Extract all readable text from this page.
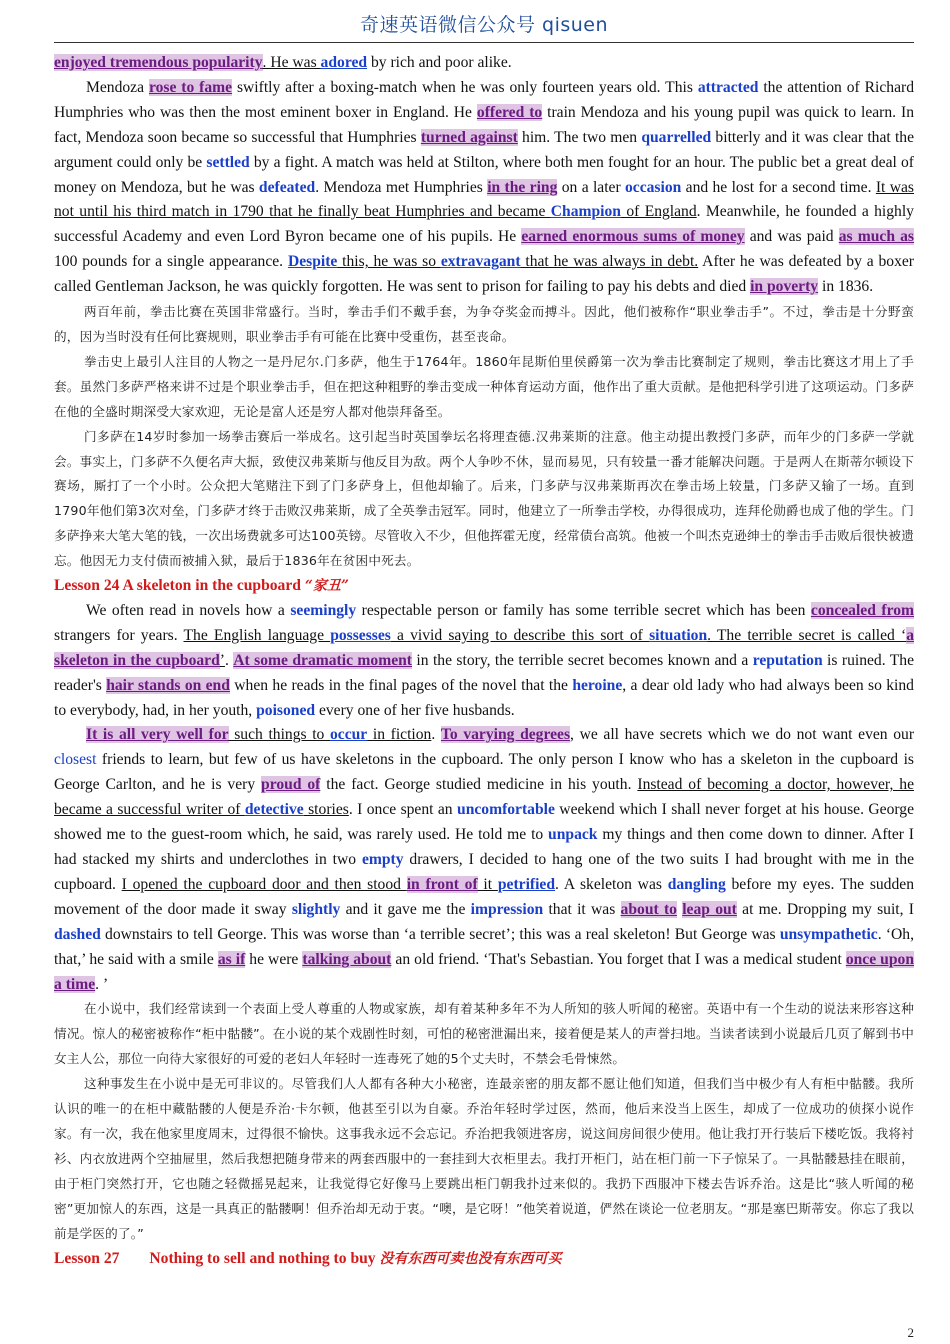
奇速英语微信公众号 qisuen

enjoyed tremendous popularity. He was adored by rich and poor alike.

Mendoza rose to fame swiftly after a boxing-match when he was only fourteen years old. This attracted the attention of Richard Humphries who was then the most eminent boxer in England. He offered to train Mendoza and his young pupil was quick to learn. In fact, Mendoza soon became so successful that Humphries turned against him. The two men quarrelled bitterly and it was clear that the argument could only be settled by a fight. A match was held at Stilton, where both men fought for an hour. The public bet a great deal of money on Mendoza, but he was defeated. Mendoza met Humphries in the ring on a later occasion and he lost for a second time. It was not until his third match in 1790 that he finally beat Humphries and became Champion of England. Meanwhile, he founded a highly successful Academy and even Lord Byron became one of his pupils. He earned enormous sums of money and was paid as much as 100 pounds for a single appearance. Despite this, he was so extravagant that he was always in debt. After he was defeated by a boxer called Gentleman Jackson, he was quickly forgotten. He was sent to prison for failing to pay his debts and died in poverty in 1836.

两百年前，拳击比赛在英国非常盛行。当时，拳击手们不戴手套，为争夺奖金而搏斗。因此，他们被称作“职业拳击手”。不过，拳击是十分野蛮的，因为当时没有任何比赛规则，职业拳击手有可能在比赛中受重伤，甚至丧命。

拳击史上最引人注目的人物之一是丹尼尔.门多萨，他生于1764年。1860年昆斯伯里侯爵第一次为拳击比赛制定了规则，拳击比赛这才用上了手套。虽然门多萨严格来讲不过是个职业拳击手，但在把这种粗野的拳击变成一种体育运动方面，他作出了重大贡献。是他把科学引进了这项运动。门多萨在他的全盛时期深受大家欢迎，无论是富人还是穷人都对他崇拜备至。

门多萨在14岁时参加一场拳击赛后一举成名。这引起当时英国拳坛名将理查德.汉弗莱斯的注意。他主动提出教授门多萨，而年少的门多萨一学就会。事实上，门多萨不久便名声大振，致使汉弗莱斯与他反目为敌。两个人争吵不休，显而易见，只有较量一番才能解决问题。于是两人在斯蒂尔顿设下赛场，厮打了一个小时。公众把大笔赌注下到了门多萨身上，但他却输了。后来，门多萨与汉弗莱斯再次在拳击场上较量，门多萨又输了一场。直到1790年他们第3次对垒，门多萨才终于击败汉弗莱斯，成了全英拳击冠军。同时，他建立了一所拳击学校，办得很成功，连拜伦勋爵也成了他的学生。门多萨挣来大笔大笔的钱，一次出场费就多可达100英镑。尽管收入不少，但他挥霍无度，经常债台高筑。他被一个叫杰克逊绅士的拳击手击败后很快被遗忘。他因无力支付债而被捕入狱，最后于1836年在贫困中死去。

Lesson 24 A skeleton in the cupboard “家丑”

We often read in novels how a seemingly respectable person or family has some terrible secret which has been concealed from strangers for years. The English language possesses a vivid saying to describe this sort of situation. The terrible secret is called ‘a skeleton in the cupboard’. At some dramatic moment in the story, the terrible secret becomes known and a reputation is ruined. The reader's hair stands on end when he reads in the final pages of the novel that the heroine, a dear old lady who had always been so kind to everybody, had, in her youth, poisoned every one of her five husbands.

It is all very well for such things to occur in fiction. To varying degrees, we all have secrets which we do not want even our closest friends to learn, but few of us have skeletons in the cupboard. The only person I know who has a skeleton in the cupboard is George Carlton, and he is very proud of the fact. George studied medicine in his youth. Instead of becoming a doctor, however, he became a successful writer of detective stories. I once spent an uncomfortable weekend which I shall never forget at his house. George showed me to the guest-room which, he said, was rarely used. He told me to unpack my things and then come down to dinner. After I had stacked my shirts and underclothes in two empty drawers, I decided to hang one of the two suits I had brought with me in the cupboard. I opened the cupboard door and then stood in front of it petrified. A skeleton was dangling before my eyes. The sudden movement of the door made it sway slightly and it gave me the impression that it was about to leap out at me. Dropping my suit, I dashed downstairs to tell George. This was worse than ‘a terrible secret’; this was a real skeleton! But George was unsympathetic. ‘Oh, that,’ he said with a smile as if he were talking about an old friend. ‘That's Sebastian. You forget that I was a medical student once upon a time. ’

在小说中，我们经常读到一个表面上受人尊重的人物或家族，却有着某种多年不为人所知的骇人听闻的秘密。英语中有一个生动的说法来形容这种情况。惊人的秘密被称作“柜中骷髅”。在小说的某个戏剧性时刻，可怕的秘密泄漏出来，接着便是某人的声誉扫地。当读者读到小说最后几页了解到书中女主人公，那位一向待大家很好的可爱的老妇人年轻时一连毒死了她的5个丈夫时，不禁会毛骨悚然。

这种事发生在小说中是无可非议的。尽管我们人人都有各种大小秘密，连最亲密的朋友都不愿让他们知道，但我们当中极少有人有柜中骷髅。我所认识的唯一的在柜中藏骷髅的人便是乔治·卡尔顿，他甚至引以为自豪。乔治年轻时学过医，然而，他后来没当上医生，却成了一位成功的侦探小说作家。有一次，我在他家里度周末，过得很不愉快。这事我永远不会忘记。乔治把我领进客房，说这间房间很少使用。他让我打开行装后下楼吃饭。我将衬衫、内衣放进两个空抽屉里，然后我想把随身带来的两套西服中的一套挂到大衣柜里去。我打开柜门，站在柜门前一下子惊呆了。一具骷髅悬挂在眼前，由于柜门突然打开，它也随之轻微摇晃起来，让我觉得它好像马上要跳出柜门朝我扑过来似的。我扔下西服冲下楼去告诉乔治。这是比“骇人听闻的秘密”更加惊人的东西，这是一具真正的骷髅啊！但乔治却无动于衷。“噢，是它呀！”他笑着说道，俨然在谈论一位老朋友。“那是塞巴斯蒂安。你忘了我以前是学医的了。”

Lesson 27 Nothing to sell and nothing to buy 没有东西可卖也没有东西可买

2
